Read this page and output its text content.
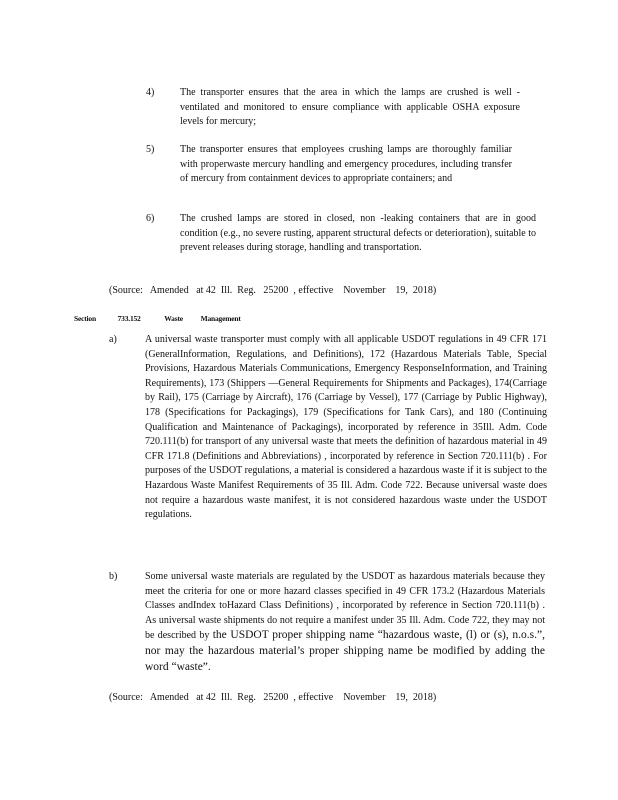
4)	The transporter ensures that the area in which the lamps are crushed is well -ventilated and monitored to ensure compliance with applicable OSHA exposure levels for mercury;
5)	The transporter ensures that employees crushing lamps are thoroughly familiar with properwaste mercury handling and emergency procedures, including transfer of mercury from containment devices to appropriate containers; and
6)	The crushed lamps are stored in closed, non -leaking containers that are in good condition (e.g., no severe rusting, apparent structural defects or deterioration), suitable to prevent releases during storage, handling and transportation.
(Source:   Amended   at 42  Ill.  Reg.   25200  , effective    November    19,  2018)
Section	733.152	Waste Management
a)	A universal waste transporter must comply with all applicable USDOT regulations in 49 CFR 171 (GeneralInformation, Regulations, and Definitions), 172 (Hazardous Materials Table, Special Provisions, Hazardous Materials Communications, Emergency ResponseInformation, and Training Requirements), 173 (Shippers —General Requirements for Shipments and Packages), 174(Carriage by Rail), 175 (Carriage by Aircraft), 176 (Carriage by Vessel), 177 (Carriage by Public Highway), 178 (Specifications for Packagings), 179 (Specifications for Tank Cars), and 180 (Continuing Qualification and Maintenance of Packagings), incorporated by reference in 35Ill. Adm. Code 720.111(b) for transport of any universal waste that meets the definition of hazardous material in 49 CFR 171.8 (Definitions and Abbreviations) , incorporated by reference in Section 720.111(b) . For purposes of the USDOT regulations, a material is considered a hazardous waste if it is subject to the Hazardous Waste Manifest Requirements of 35 Ill. Adm. Code 722. Because universal waste does not require a hazardous waste manifest, it is not considered hazardous waste under the USDOT regulations.
b)	Some universal waste materials are regulated by the USDOT as hazardous materials because they meet the criteria for one or more hazard classes specified in 49 CFR 173.2 (Hazardous Materials Classes andIndex toHazard Class Definitions) , incorporated by reference in Section 720.111(b) . As universal waste shipments do not require a manifest under 35 Ill. Adm. Code 722, they may not be described by the USDOT proper shipping name “hazardous waste, (l) or (s), n.o.s.”, nor may the hazardous material’s proper shipping name be modified by adding the word “waste”.
(Source:   Amended   at 42  Ill.  Reg.   25200  , effective    November    19,  2018)
